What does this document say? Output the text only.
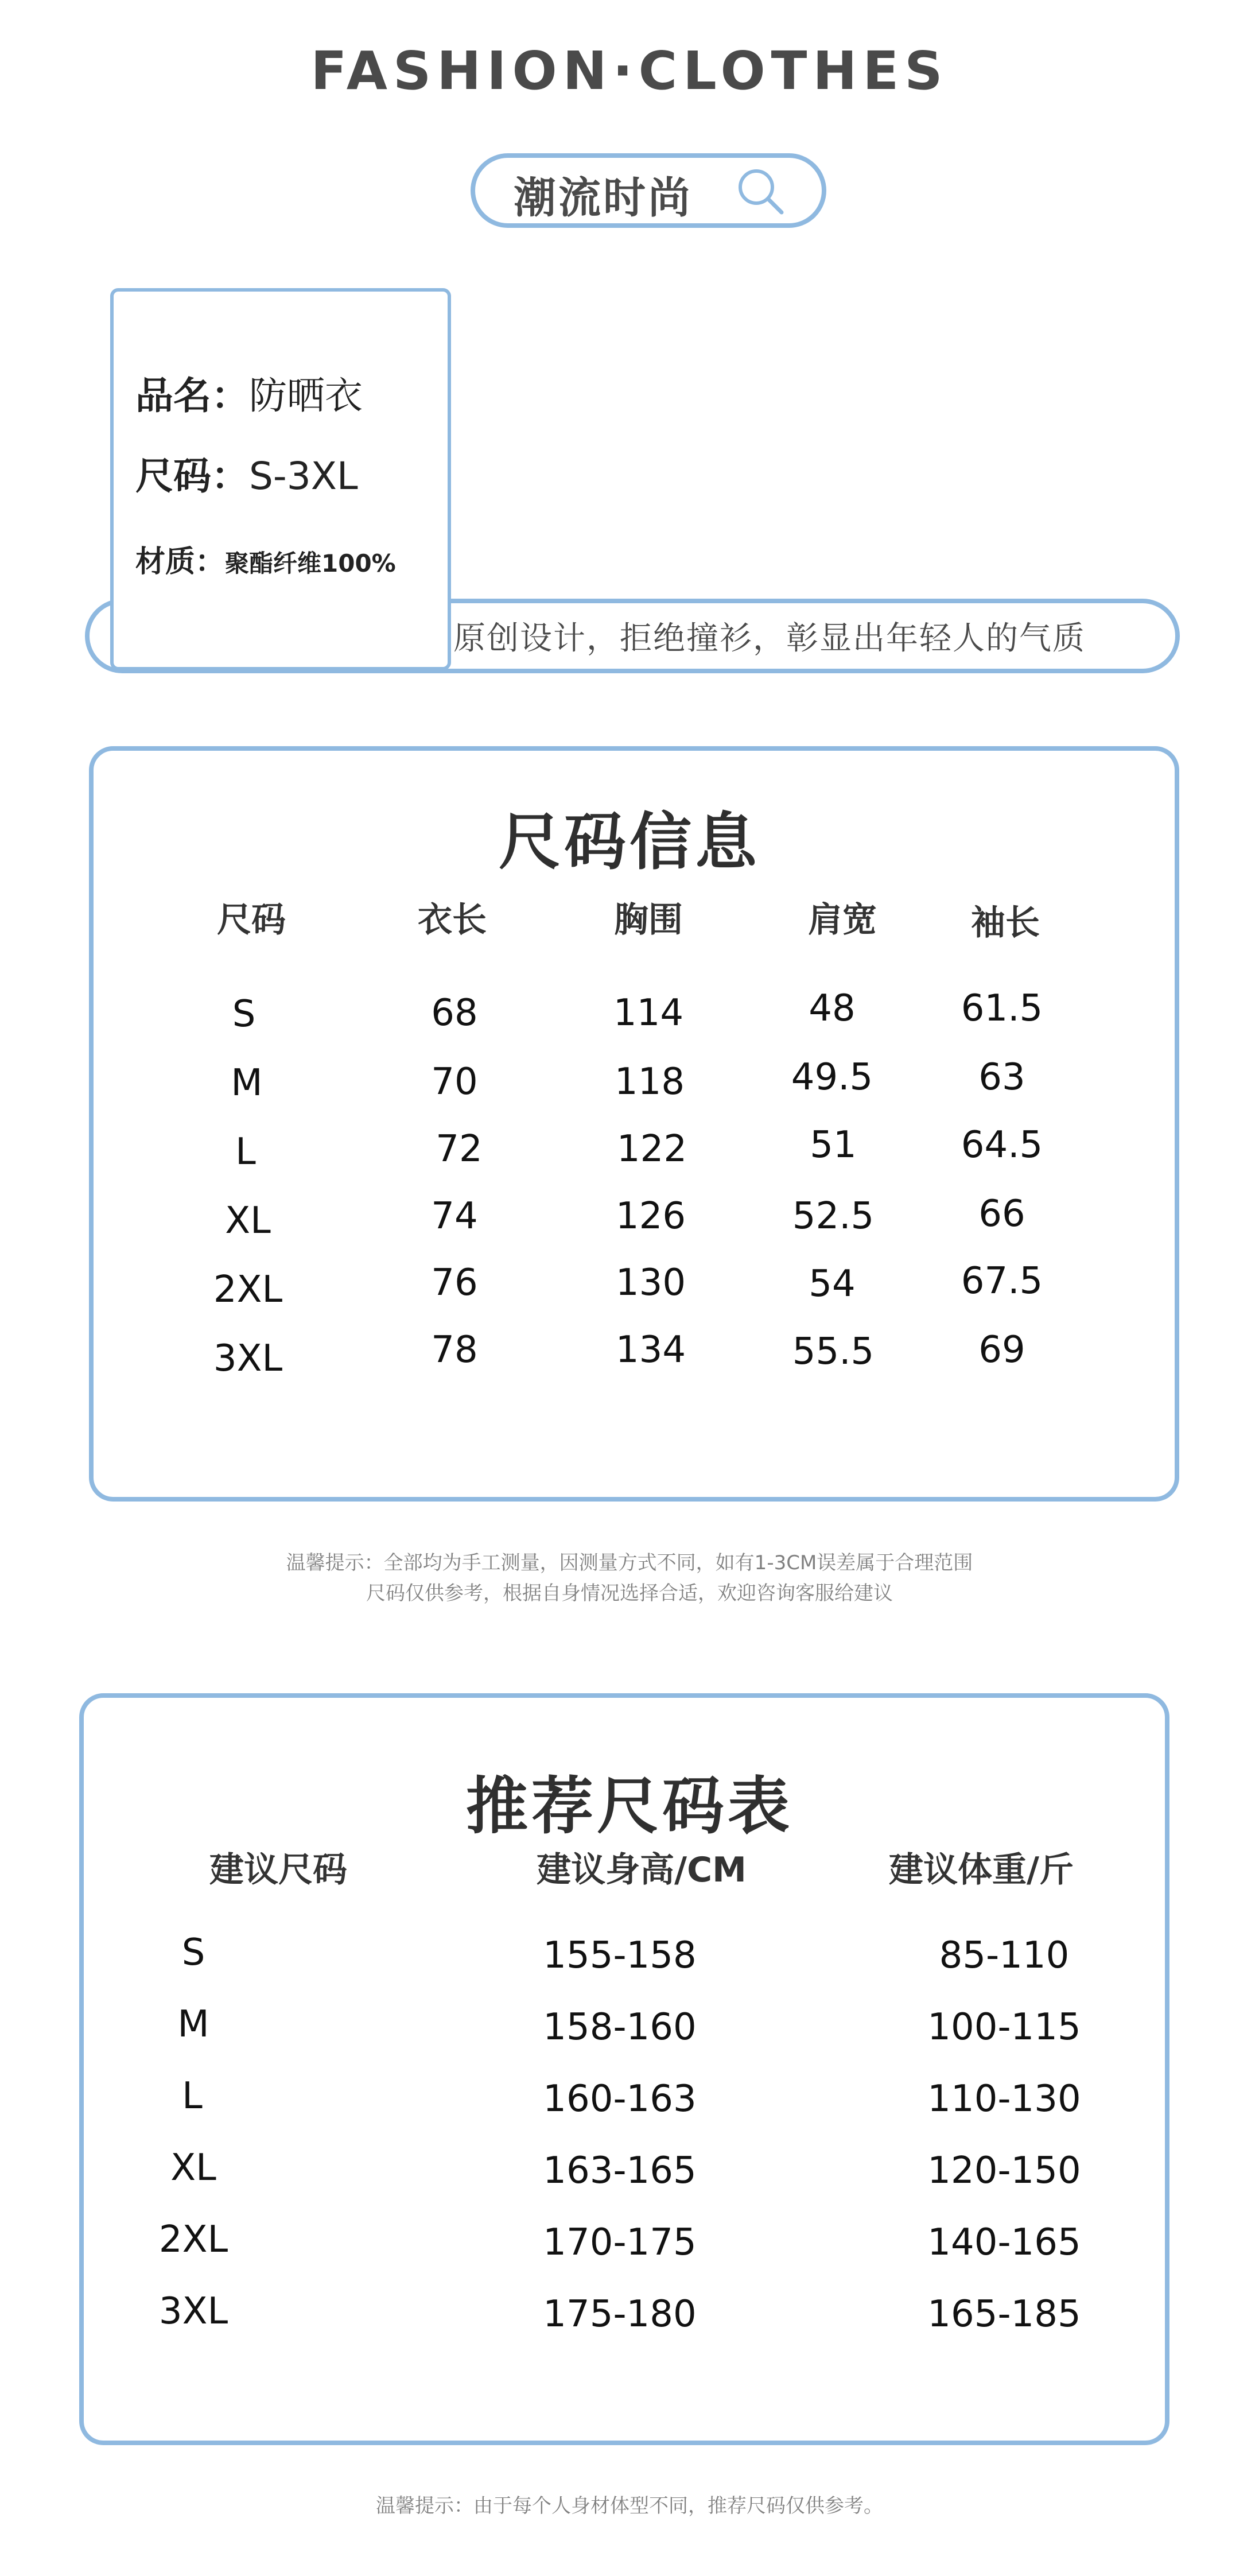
FASHION·CLOTHES
潮流时尚
原创设计，拒绝撞衫，彰显出年轻人的气质
品名：防晒衣
尺码：S-3XL
材质：聚酯纤维100%
尺码信息
尺码	衣长	胸围	肩宽	袖长
S	68	114	48	61.5
M	70	118	49.5	63
L	72	122	51	64.5
XL	74	126	52.5	66
2XL	76	130	54	67.5
3XL	78	134	55.5	69
温馨提示：全部均为手工测量，因测量方式不同，如有1-3CM误差属于合理范围
尺码仅供参考，根据自身情况选择合适，欢迎咨询客服给建议
推荐尺码表
建议尺码	建议身高/CM	建议体重/斤
S	155-158	85-110
M	158-160	100-115
L	160-163	110-130
XL	163-165	120-150
2XL	170-175	140-165
3XL	175-180	165-185
温馨提示：由于每个人身材体型不同，推荐尺码仅供参考。
